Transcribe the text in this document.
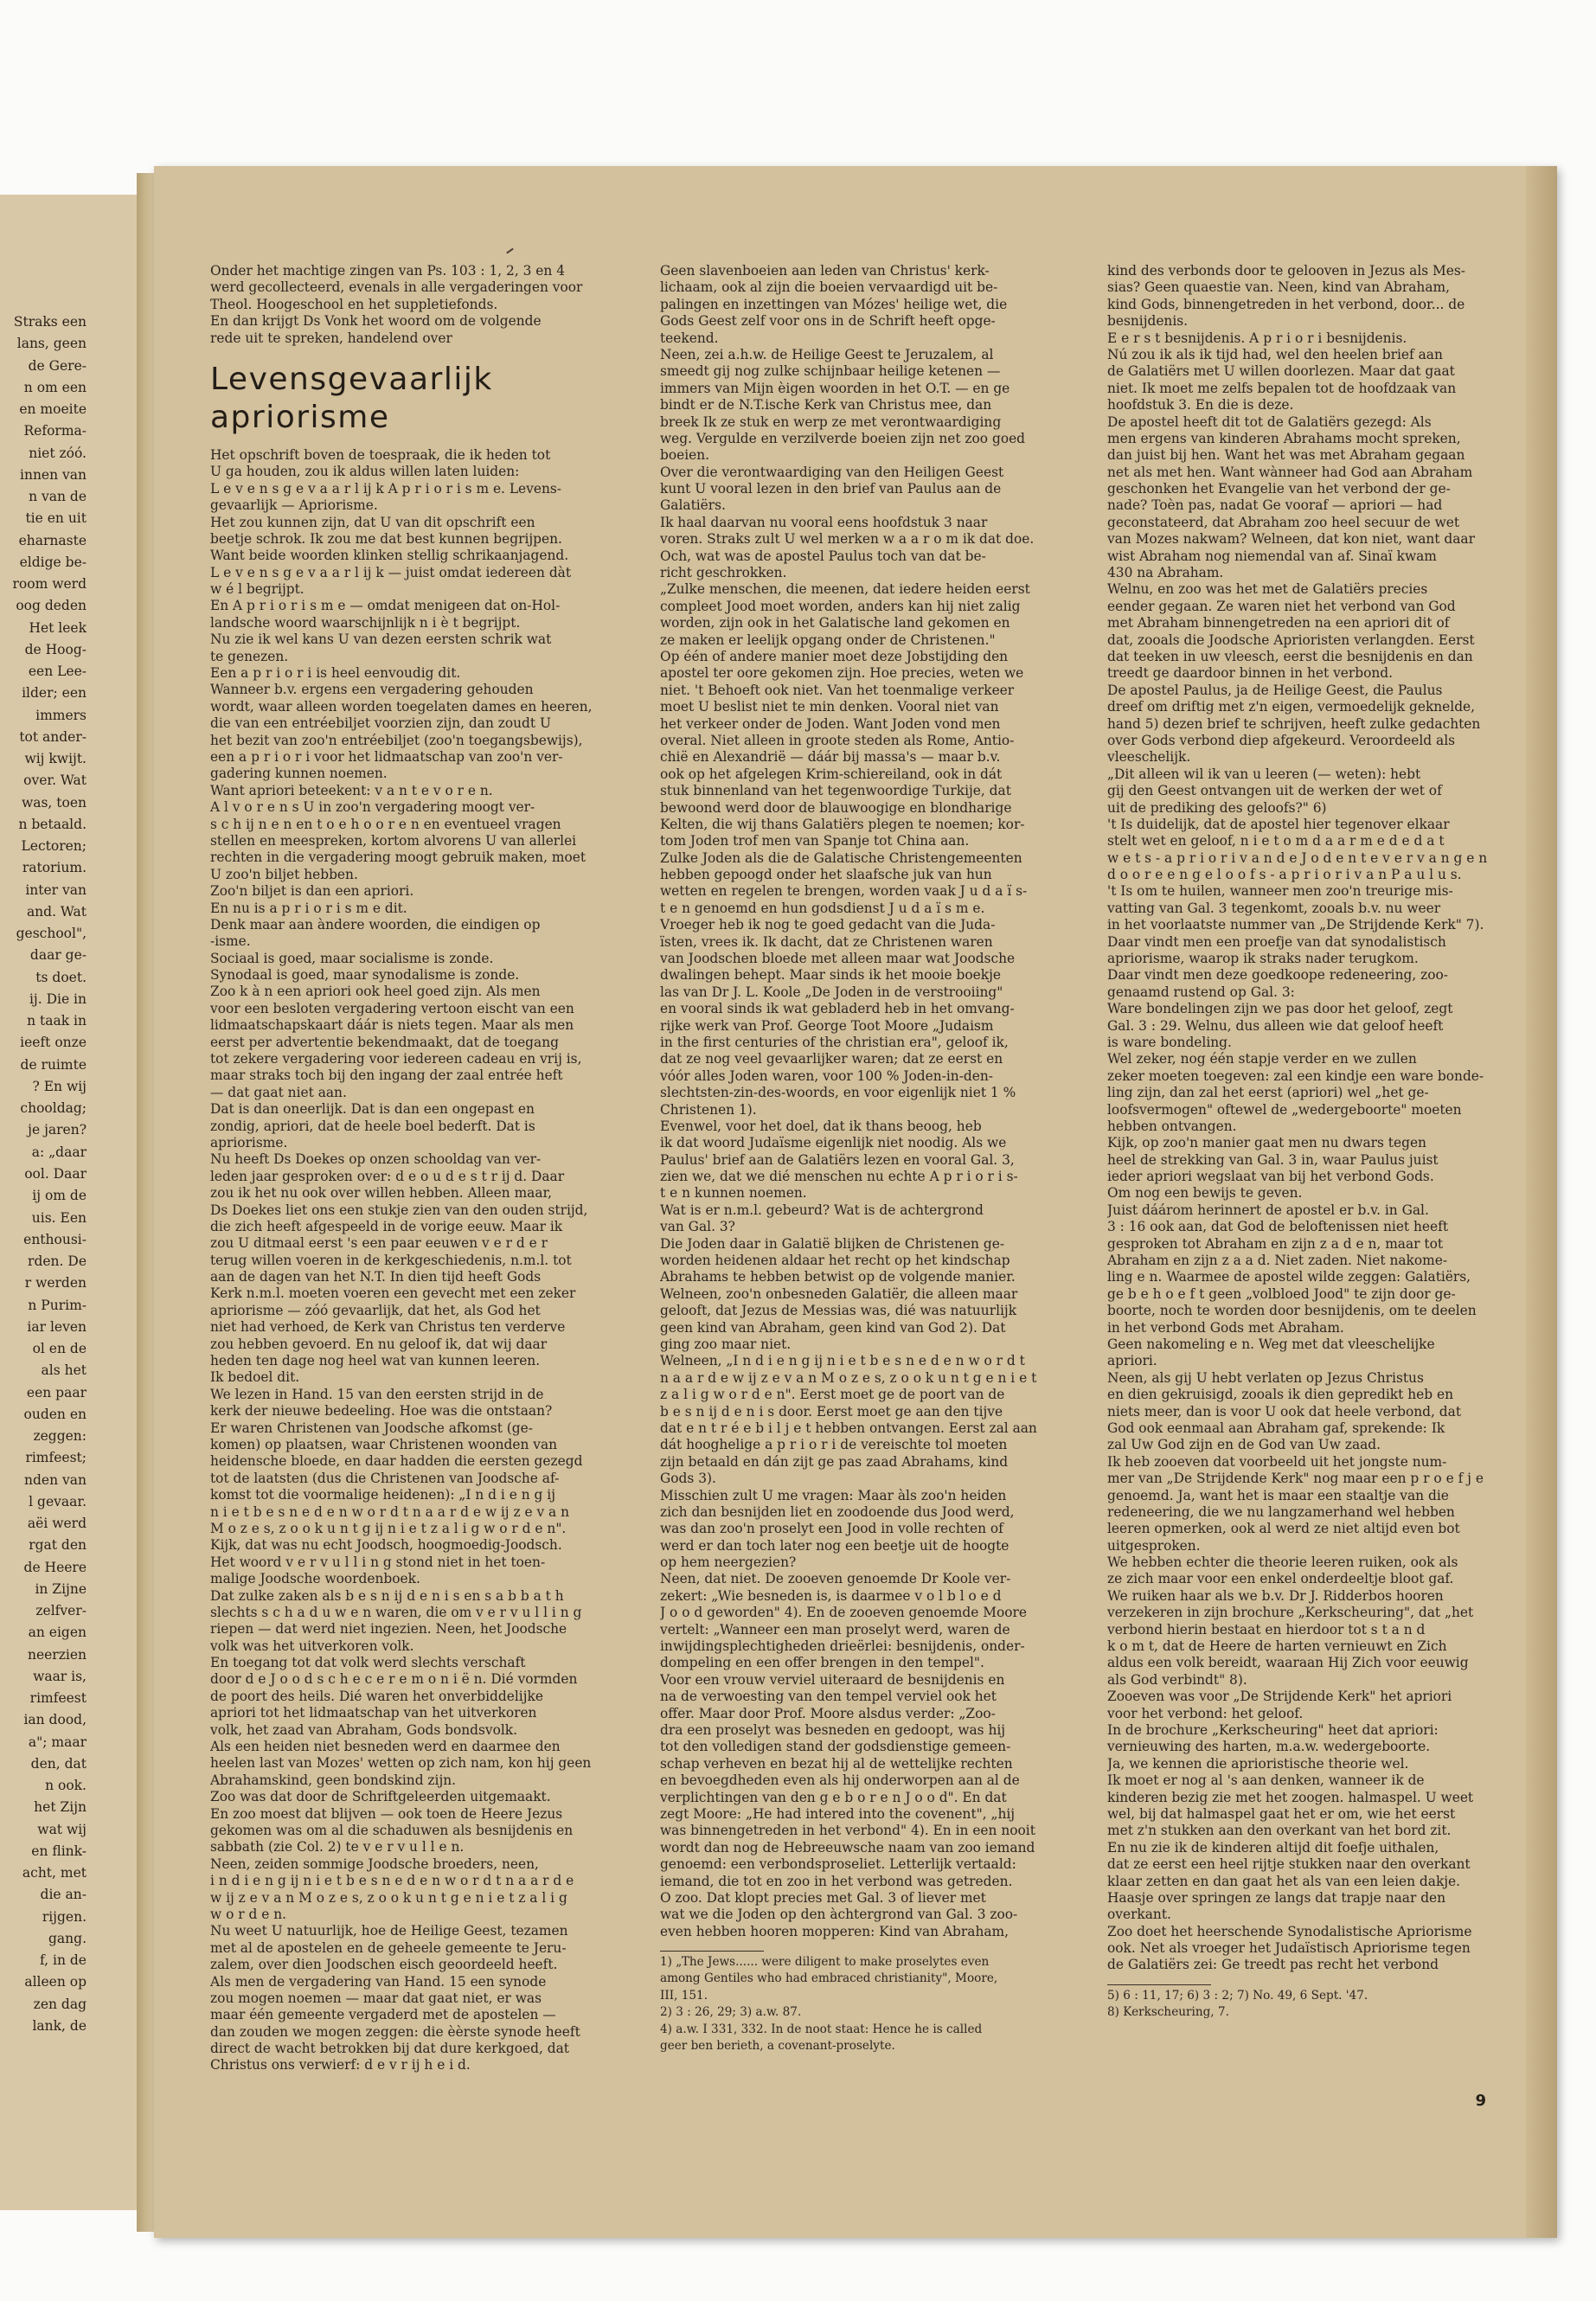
Straks een
lans, geen
de Gere-
n om een
en moeite
Reforma-
niet zóó.
innen van
n van de
tie en uit
eharnaste
eldige be-
room werd
oog deden
Het leek
de Hoog-
een Lee-
ilder; een
immers
tot ander-
wij kwijt.
over. Wat
was, toen
n betaald.
Lectoren;
ratorium.
inter van
and. Wat
geschool",
daar ge-
ts doet.
ij. Die in
n taak in
ieeft onze
de ruimte
? En wij
chooldag;
je jaren?
a: „daar
ool. Daar
ij om de
uis. Een
enthousi-
rden. De
r werden
n Purim-
iar leven
ol en de
als het
een paar
ouden en
zeggen:
rimfeest;
nden van
l gevaar.
aëi werd
rgat den
de Heere
in Zijne
zelfver-
an eigen
neerzien
waar is,
rimfeest
ian dood,
a"; maar
den, dat
n ook.
het Zijn
wat wij
en flink-
acht, met
die an-
rijgen.
gang.
f, in de
alleen op
zen dag
lank, de
Onder het machtige zingen van Ps. 103 : 1, 2, 3 en 4
werd gecollecteerd, evenals in alle vergaderingen voor
Theol. Hoogeschool en het suppletiefonds.
En dan krijgt Ds Vonk het woord om de volgende
rede uit te spreken, handelend over
Levensgevaarlijk apriorisme
Het opschrift boven de toespraak, die ik heden tot
U ga houden, zou ik aldus willen laten luiden:
L e v e n s g e v a a r l ij k A p r i o r i s m e. Levens-
gevaarlijk — Apriorisme.
Het zou kunnen zijn, dat U van dit opschrift een
beetje schrok. Ik zou me dat best kunnen begrijpen.
Want beide woorden klinken stellig schrikaanjagend.
L e v e n s g e v a a r l ij k — juist omdat iedereen dàt
w é l begrijpt.
En A p r i o r i s m e — omdat menigeen dat on-Hol-
landsche woord waarschijnlijk n i è t begrijpt.
Nu zie ik wel kans U van dezen eersten schrik wat
te genezen.
Een a p r i o r i is heel eenvoudig dit.
Wanneer b.v. ergens een vergadering gehouden
wordt, waar alleen worden toegelaten dames en heeren,
die van een entréebiljet voorzien zijn, dan zoudt U
het bezit van zoo'n entréebiljet (zoo'n toegangsbewijs),
een a p r i o r i voor het lidmaatschap van zoo'n ver-
gadering kunnen noemen.
Want apriori beteekent: v a n t e v o r e n.
A l v o r e n s U in zoo'n vergadering moogt ver-
s c h ij n e n en t o e h o o r e n en eventueel vragen
stellen en meespreken, kortom alvorens U van allerlei
rechten in die vergadering moogt gebruik maken, moet
U zoo'n biljet hebben.
Zoo'n biljet is dan een apriori.
En nu is a p r i o r i s m e dit.
Denk maar aan àndere woorden, die eindigen op
-isme.
Sociaal is goed, maar socialisme is zonde.
Synodaal is goed, maar synodalisme is zonde.
Zoo k à n een apriori ook heel goed zijn. Als men
voor een besloten vergadering vertoon eischt van een
lidmaatschapskaart dáár is niets tegen. Maar als men
eerst per advertentie bekendmaakt, dat de toegang
tot zekere vergadering voor iedereen cadeau en vrij is,
maar straks toch bij den ingang der zaal entrée heft
— dat gaat niet aan.
Dat is dan oneerlijk. Dat is dan een ongepast en
zondig, apriori, dat de heele boel bederft. Dat is
apriorisme.
Nu heeft Ds Doekes op onzen schooldag van ver-
leden jaar gesproken over: d e o u d e s t r ij d. Daar
zou ik het nu ook over willen hebben. Alleen maar,
Ds Doekes liet ons een stukje zien van den ouden strijd,
die zich heeft afgespeeld in de vorige eeuw. Maar ik
zou U ditmaal eerst 's een paar eeuwen v e r d e r
terug willen voeren in de kerkgeschiedenis, n.m.l. tot
aan de dagen van het N.T. In dien tijd heeft Gods
Kerk n.m.l. moeten voeren een gevecht met een zeker
apriorisme — zóó gevaarlijk, dat het, als God het
niet had verhoed, de Kerk van Christus ten verderve
zou hebben gevoerd. En nu geloof ik, dat wij daar
heden ten dage nog heel wat van kunnen leeren.
Ik bedoel dit.
We lezen in Hand. 15 van den eersten strijd in de
kerk der nieuwe bedeeling. Hoe was die ontstaan?
Er waren Christenen van Joodsche afkomst (ge-
komen) op plaatsen, waar Christenen woonden van
heidensche bloede, en daar hadden die eersten gezegd
tot de laatsten (dus die Christenen van Joodsche af-
komst tot die voormalige heidenen): „I n d i e n g ij
n i e t b e s n e d e n w o r d t n a a r d e w ij z e v a n
M o z e s, z o o k u n t g ij n i e t z a l i g w o r d e n".
Kijk, dat was nu echt Joodsch, hoogmoedig-Joodsch.
Het woord v e r v u l l i n g stond niet in het toen-
malige Joodsche woordenboek.
Dat zulke zaken als b e s n ij d e n i s en s a b b a t h
slechts s c h a d u w e n waren, die om v e r v u l l i n g
riepen — dat werd niet ingezien. Neen, het Joodsche
volk was het uitverkoren volk.
En toegang tot dat volk werd slechts verschaft
door d e J o o d s c h e c e r e m o n i ë n. Dié vormden
de poort des heils. Dié waren het onverbiddelijke
apriori tot het lidmaatschap van het uitverkoren
volk, het zaad van Abraham, Gods bondsvolk.
Als een heiden niet besneden werd en daarmee den
heelen last van Mozes' wetten op zich nam, kon hij geen
Abrahamskind, geen bondskind zijn.
Zoo was dat door de Schriftgeleerden uitgemaakt.
En zoo moest dat blijven — ook toen de Heere Jezus
gekomen was om al die schaduwen als besnijdenis en
sabbath (zie Col. 2) te v e r v u l l e n.
Neen, zeiden sommige Joodsche broeders, neen,
i n d i e n g ij n i e t b e s n e d e n w o r d t n a a r d e
w ij z e v a n M o z e s, z o o k u n t g e n i e t z a l i g
w o r d e n.
Nu weet U natuurlijk, hoe de Heilige Geest, tezamen
met al de apostelen en de geheele gemeente te Jeru-
zalem, over dien Joodschen eisch geoordeeld heeft.
Als men de vergadering van Hand. 15 een synode
zou mogen noemen — maar dat gaat niet, er was
maar één gemeente vergaderd met de apostelen —
dan zouden we mogen zeggen: die èèrste synode heeft
direct de wacht betrokken bij dat dure kerkgoed, dat
Christus ons verwierf: d e v r ij h e i d.
Geen slavenboeien aan leden van Christus' kerk-
lichaam, ook al zijn die boeien vervaardigd uit be-
palingen en inzettingen van Mózes' heilige wet, die
Gods Geest zelf voor ons in de Schrift heeft opge-
teekend.
Neen, zei a.h.w. de Heilige Geest te Jeruzalem, al
smeedt gij nog zulke schijnbaar heilige ketenen —
immers van Mijn èigen woorden in het O.T. — en ge
bindt er de N.T.ische Kerk van Christus mee, dan
breek Ik ze stuk en werp ze met verontwaardiging
weg. Vergulde en verzilverde boeien zijn net zoo goed
boeien.
Over die verontwaardiging van den Heiligen Geest
kunt U vooral lezen in den brief van Paulus aan de
Galatiërs.
Ik haal daarvan nu vooral eens hoofdstuk 3 naar
voren. Straks zult U wel merken w a a r o m ik dat doe.
Och, wat was de apostel Paulus toch van dat be-
richt geschrokken.
„Zulke menschen, die meenen, dat iedere heiden eerst
compleet Jood moet worden, anders kan hij niet zalig
worden, zijn ook in het Galatische land gekomen en
ze maken er leelijk opgang onder de Christenen."
Op één of andere manier moet deze Jobstijding den
apostel ter oore gekomen zijn. Hoe precies, weten we
niet. 't Behoeft ook niet. Van het toenmalige verkeer
moet U beslist niet te min denken. Vooral niet van
het verkeer onder de Joden. Want Joden vond men
overal. Niet alleen in groote steden als Rome, Antio-
chië en Alexandrië — dáár bij massa's — maar b.v.
ook op het afgelegen Krim-schiereiland, ook in dát
stuk binnenland van het tegenwoordige Turkije, dat
bewoond werd door de blauwoogige en blondharige
Kelten, die wij thans Galatiërs plegen te noemen; kor-
tom Joden trof men van Spanje tot China aan.
Zulke Joden als die de Galatische Christengemeenten
hebben gepoogd onder het slaafsche juk van hun
wetten en regelen te brengen, worden vaak J u d a ï s-
t e n genoemd en hun godsdienst J u d a ï s m e.
Vroeger heb ik nog te goed gedacht van die Juda-
ïsten, vrees ik. Ik dacht, dat ze Christenen waren
van Joodschen bloede met alleen maar wat Joodsche
dwalingen behept. Maar sinds ik het mooie boekje
las van Dr J. L. Koole „De Joden in de verstrooiing"
en vooral sinds ik wat gebladerd heb in het omvang-
rijke werk van Prof. George Toot Moore „Judaism
in the first centuries of the christian era", geloof ik,
dat ze nog veel gevaarlijker waren; dat ze eerst en
vóór alles Joden waren, voor 100 % Joden-in-den-
slechtsten-zin-des-woords, en voor eigenlijk niet 1 %
Christenen 1).
Evenwel, voor het doel, dat ik thans beoog, heb
ik dat woord Judaïsme eigenlijk niet noodig. Als we
Paulus' brief aan de Galatiërs lezen en vooral Gal. 3,
zien we, dat we dié menschen nu echte A p r i o r i s-
t e n kunnen noemen.
Wat is er n.m.l. gebeurd? Wat is de achtergrond
van Gal. 3?
Die Joden daar in Galatië blijken de Christenen ge-
worden heidenen aldaar het recht op het kindschap
Abrahams te hebben betwist op de volgende manier.
Welneen, zoo'n onbesneden Galatiër, die alleen maar
gelooft, dat Jezus de Messias was, dié was natuurlijk
geen kind van Abraham, geen kind van God 2). Dat
ging zoo maar niet.
Welneen, „I n d i e n g ij n i e t b e s n e d e n w o r d t
n a a r d e w ij z e v a n M o z e s, z o o k u n t g e n i e t
z a l i g w o r d e n". Eerst moet ge de poort van de
b e s n ij d e n i s door. Eerst moet ge aan den tijve
dat e n t r é e b i l j e t hebben ontvangen. Eerst zal aan
dát hooghelige a p r i o r i de vereischte tol moeten
zijn betaald en dán zijt ge pas zaad Abrahams, kind
Gods 3).
Misschien zult U me vragen: Maar àls zoo'n heiden
zich dan besnijden liet en zoodoende dus Jood werd,
was dan zoo'n proselyt een Jood in volle rechten of
werd er dan toch later nog een beetje uit de hoogte
op hem neergezien?
Neen, dat niet. De zooeven genoemde Dr Koole ver-
zekert: „Wie besneden is, is daarmee v o l b l o e d
J o o d geworden" 4). En de zooeven genoemde Moore
vertelt: „Wanneer een man proselyt werd, waren de
inwijdingsplechtigheden drieërlei: besnijdenis, onder-
dompeling en een offer brengen in den tempel".
Voor een vrouw verviel uiteraard de besnijdenis en
na de verwoesting van den tempel verviel ook het
offer. Maar door Prof. Moore alsdus verder: „Zoo-
dra een proselyt was besneden en gedoopt, was hij
tot den volledigen stand der godsdienstige gemeen-
schap verheven en bezat hij al de wettelijke rechten
en bevoegdheden even als hij onderworpen aan al de
verplichtingen van den g e b o r e n J o o d". En dat
zegt Moore: „He had intered into the covenent", „hij
was binnengetreden in het verbond" 4). En in een nooit
wordt dan nog de Hebreeuwsche naam van zoo iemand
genoemd: een verbondsproseliet. Letterlijk vertaald:
iemand, die tot en zoo in het verbond was getreden.
O zoo. Dat klopt precies met Gal. 3 of liever met
wat we die Joden op den àchtergrond van Gal. 3 zoo-
even hebben hooren mopperen: Kind van Abraham,
1) „The Jews...... were diligent to make proselytes even
among Gentiles who had embraced christianity", Moore,
III, 151.
2) 3 : 26, 29; 3) a.w. 87.
4) a.w. I 331, 332. In de noot staat: Hence he is called
geer ben berieth, a covenant-proselyte.
kind des verbonds door te gelooven in Jezus als Mes-
sias? Geen quaestie van. Neen, kind van Abraham,
kind Gods, binnengetreden in het verbond, door... de
besnijdenis.
E e r s t besnijdenis. A p r i o r i besnijdenis.
Nú zou ik als ik tijd had, wel den heelen brief aan
de Galatiërs met U willen doorlezen. Maar dat gaat
niet. Ik moet me zelfs bepalen tot de hoofdzaak van
hoofdstuk 3. En die is deze.
De apostel heeft dit tot de Galatiërs gezegd: Als
men ergens van kinderen Abrahams mocht spreken,
dan juist bij hen. Want het was met Abraham gegaan
net als met hen. Want wànneer had God aan Abraham
geschonken het Evangelie van het verbond der ge-
nade? Toèn pas, nadat Ge vooraf — apriori — had
geconstateerd, dat Abraham zoo heel secuur de wet
van Mozes nakwam? Welneen, dat kon niet, want daar
wist Abraham nog niemendal van af. Sinaï kwam
430 na Abraham.
Welnu, en zoo was het met de Galatiërs precies
eender gegaan. Ze waren niet het verbond van God
met Abraham binnengetreden na een apriori dit of
dat, zooals die Joodsche Aprioristen verlangden. Eerst
dat teeken in uw vleesch, eerst die besnijdenis en dan
treedt ge daardoor binnen in het verbond.
De apostel Paulus, ja de Heilige Geest, die Paulus
dreef om driftig met z'n eigen, vermoedelijk geknelde,
hand 5) dezen brief te schrijven, heeft zulke gedachten
over Gods verbond diep afgekeurd. Veroordeeld als
vleeschelijk.
„Dit alleen wil ik van u leeren (— weten): hebt
gij den Geest ontvangen uit de werken der wet of
uit de prediking des geloofs?" 6)
't Is duidelijk, dat de apostel hier tegenover elkaar
stelt wet en geloof, n i e t o m d a a r m e d e d a t
w e t s - a p r i o r i v a n d e J o d e n t e v e r v a n g e n
d o o r e e n g e l o o f s - a p r i o r i v a n P a u l u s.
't Is om te huilen, wanneer men zoo'n treurige mis-
vatting van Gal. 3 tegenkomt, zooals b.v. nu weer
in het voorlaatste nummer van „De Strijdende Kerk" 7).
Daar vindt men een proefje van dat synodalistisch
apriorisme, waarop ik straks nader terugkom.
Daar vindt men deze goedkoope redeneering, zoo-
genaamd rustend op Gal. 3:
Ware bondelingen zijn we pas door het geloof, zegt
Gal. 3 : 29. Welnu, dus alleen wie dat geloof heeft
is ware bondeling.
Wel zeker, nog één stapje verder en we zullen
zeker moeten toegeven: zal een kindje een ware bonde-
ling zijn, dan zal het eerst (apriori) wel „het ge-
loofsvermogen" oftewel de „wedergeboorte" moeten
hebben ontvangen.
Kijk, op zoo'n manier gaat men nu dwars tegen
heel de strekking van Gal. 3 in, waar Paulus juist
ieder apriori wegslaat van bij het verbond Gods.
Om nog een bewijs te geven.
Juist dáárom herinnert de apostel er b.v. in Gal.
3 : 16 ook aan, dat God de beloftenissen niet heeft
gesproken tot Abraham en zijn z a d e n, maar tot
Abraham en zijn z a a d. Niet zaden. Niet nakome-
ling e n. Waarmee de apostel wilde zeggen: Galatiërs,
ge b e h o e f t geen „volbloed Jood" te zijn door ge-
boorte, noch te worden door besnijdenis, om te deelen
in het verbond Gods met Abraham.
Geen nakomeling e n. Weg met dat vleeschelijke
apriori.
Neen, als gij U hebt verlaten op Jezus Christus
en dien gekruisigd, zooals ik dien gepredikt heb en
niets meer, dan is voor U ook dat heele verbond, dat
God ook eenmaal aan Abraham gaf, sprekende: Ik
zal Uw God zijn en de God van Uw zaad.
Ik heb zooeven dat voorbeeld uit het jongste num-
mer van „De Strijdende Kerk" nog maar een p r o e f j e
genoemd. Ja, want het is maar een staaltje van die
redeneering, die we nu langzamerhand wel hebben
leeren opmerken, ook al werd ze niet altijd even bot
uitgesproken.
We hebben echter die theorie leeren ruiken, ook als
ze zich maar voor een enkel onderdeeltje bloot gaf.
We ruiken haar als we b.v. Dr J. Ridderbos hooren
verzekeren in zijn brochure „Kerkscheuring", dat „het
verbond hierin bestaat en hierdoor tot s t a n d
k o m t, dat de Heere de harten vernieuwt en Zich
aldus een volk bereidt, waaraan Hij Zich voor eeuwig
als God verbindt" 8).
Zooeven was voor „De Strijdende Kerk" het apriori
voor het verbond: het geloof.
In de brochure „Kerkscheuring" heet dat apriori:
vernieuwing des harten, m.a.w. wedergeboorte.
Ja, we kennen die aprioristische theorie wel.
Ik moet er nog al 's aan denken, wanneer ik de
kinderen bezig zie met het zoogen. halmaspel. U weet
wel, bij dat halmaspel gaat het er om, wie het eerst
met z'n stukken aan den overkant van het bord zit.
En nu zie ik de kinderen altijd dit foefje uithalen,
dat ze eerst een heel rijtje stukken naar den overkant
klaar zetten en dan gaat het als van een leien dakje.
Haasje over springen ze langs dat trapje naar den
overkant.
Zoo doet het heerschende Synodalistische Apriorisme
ook. Net als vroeger het Judaïstisch Apriorisme tegen
de Galatiërs zei: Ge treedt pas recht het verbond
5) 6 : 11, 17; 6) 3 : 2; 7) No. 49, 6 Sept. '47.
8) Kerkscheuring, 7.
9
